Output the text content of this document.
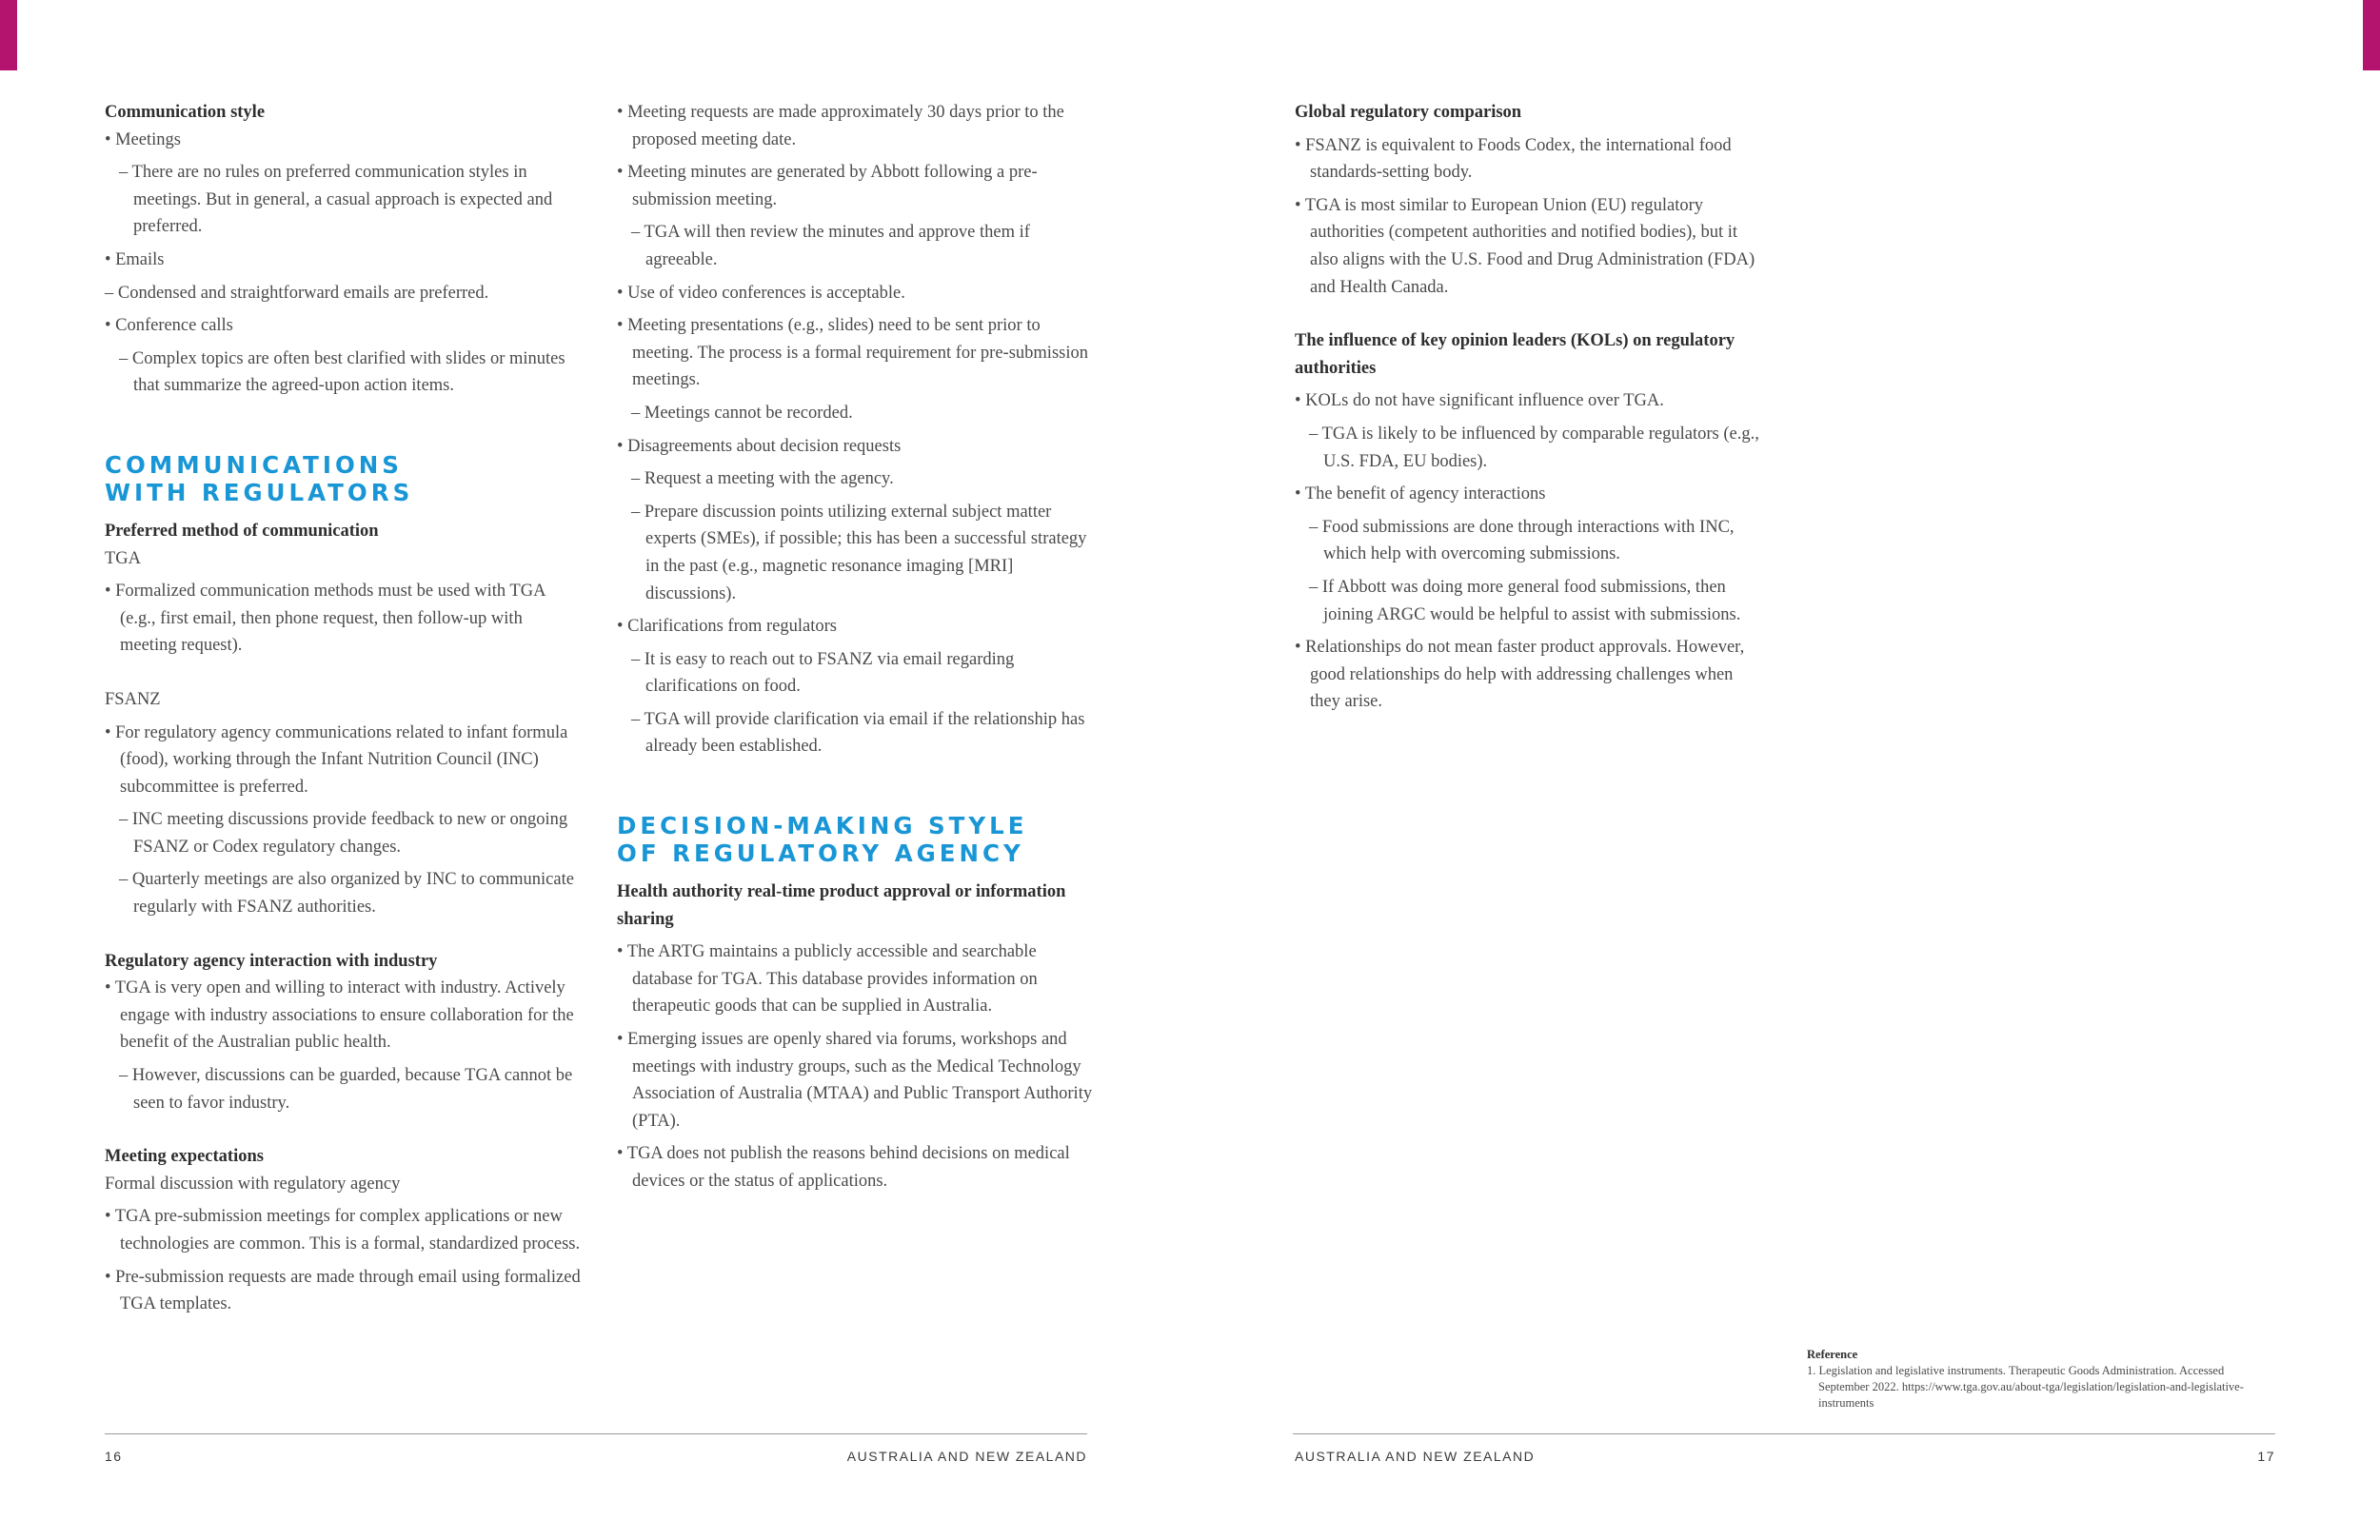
Communication style

• Meetings

– There are no rules on preferred communication styles in meetings. But in general, a casual approach is expected and preferred.

• Emails

– Condensed and straightforward emails are preferred.

• Conference calls

– Complex topics are often best clarified with slides or minutes that summarize the agreed-upon action items.

COMMUNICATIONS WITH REGULATORS

Preferred method of communication

TGA

• Formalized communication methods must be used with TGA (e.g., first email, then phone request, then follow-up with meeting request).

FSANZ

• For regulatory agency communications related to infant formula (food), working through the Infant Nutrition Council (INC) subcommittee is preferred.

– INC meeting discussions provide feedback to new or ongoing FSANZ or Codex regulatory changes.

– Quarterly meetings are also organized by INC to communicate regularly with FSANZ authorities.

Regulatory agency interaction with industry

• TGA is very open and willing to interact with industry. Actively engage with industry associations to ensure collaboration for the benefit of the Australian public health.

– However, discussions can be guarded, because TGA cannot be seen to favor industry.

Meeting expectations

Formal discussion with regulatory agency

• TGA pre-submission meetings for complex applications or new technologies are common. This is a formal, standardized process.

• Pre-submission requests are made through email using formalized TGA templates.

• Meeting requests are made approximately 30 days prior to the proposed meeting date.

• Meeting minutes are generated by Abbott following a pre-submission meeting.

– TGA will then review the minutes and approve them if agreeable.

• Use of video conferences is acceptable.

• Meeting presentations (e.g., slides) need to be sent prior to meeting. The process is a formal requirement for pre-submission meetings.

– Meetings cannot be recorded.

• Disagreements about decision requests

– Request a meeting with the agency.

– Prepare discussion points utilizing external subject matter experts (SMEs), if possible; this has been a successful strategy in the past (e.g., magnetic resonance imaging [MRI] discussions).

• Clarifications from regulators

– It is easy to reach out to FSANZ via email regarding clarifications on food.

– TGA will provide clarification via email if the relationship has already been established.

DECISION-MAKING STYLE OF REGULATORY AGENCY

Health authority real-time product approval or information sharing

• The ARTG maintains a publicly accessible and searchable database for TGA. This database provides information on therapeutic goods that can be supplied in Australia.

• Emerging issues are openly shared via forums, workshops and meetings with industry groups, such as the Medical Technology Association of Australia (MTAA) and Public Transport Authority (PTA).

• TGA does not publish the reasons behind decisions on medical devices or the status of applications.

Global regulatory comparison

• FSANZ is equivalent to Foods Codex, the international food standards-setting body.

• TGA is most similar to European Union (EU) regulatory authorities (competent authorities and notified bodies), but it also aligns with the U.S. Food and Drug Administration (FDA) and Health Canada.

The influence of key opinion leaders (KOLs) on regulatory authorities

• KOLs do not have significant influence over TGA.

– TGA is likely to be influenced by comparable regulators (e.g., U.S. FDA, EU bodies).

• The benefit of agency interactions

– Food submissions are done through interactions with INC, which help with overcoming submissions.

– If Abbott was doing more general food submissions, then joining ARGC would be helpful to assist with submissions.

• Relationships do not mean faster product approvals. However, good relationships do help with addressing challenges when they arise.

Reference
1. Legislation and legislative instruments. Therapeutic Goods Administration. Accessed September 2022. https://www.tga.gov.au/about-tga/legislation/legislation-and-legislative-instruments
16	AUSTRALIA AND NEW ZEALAND	AUSTRALIA AND NEW ZEALAND	17
